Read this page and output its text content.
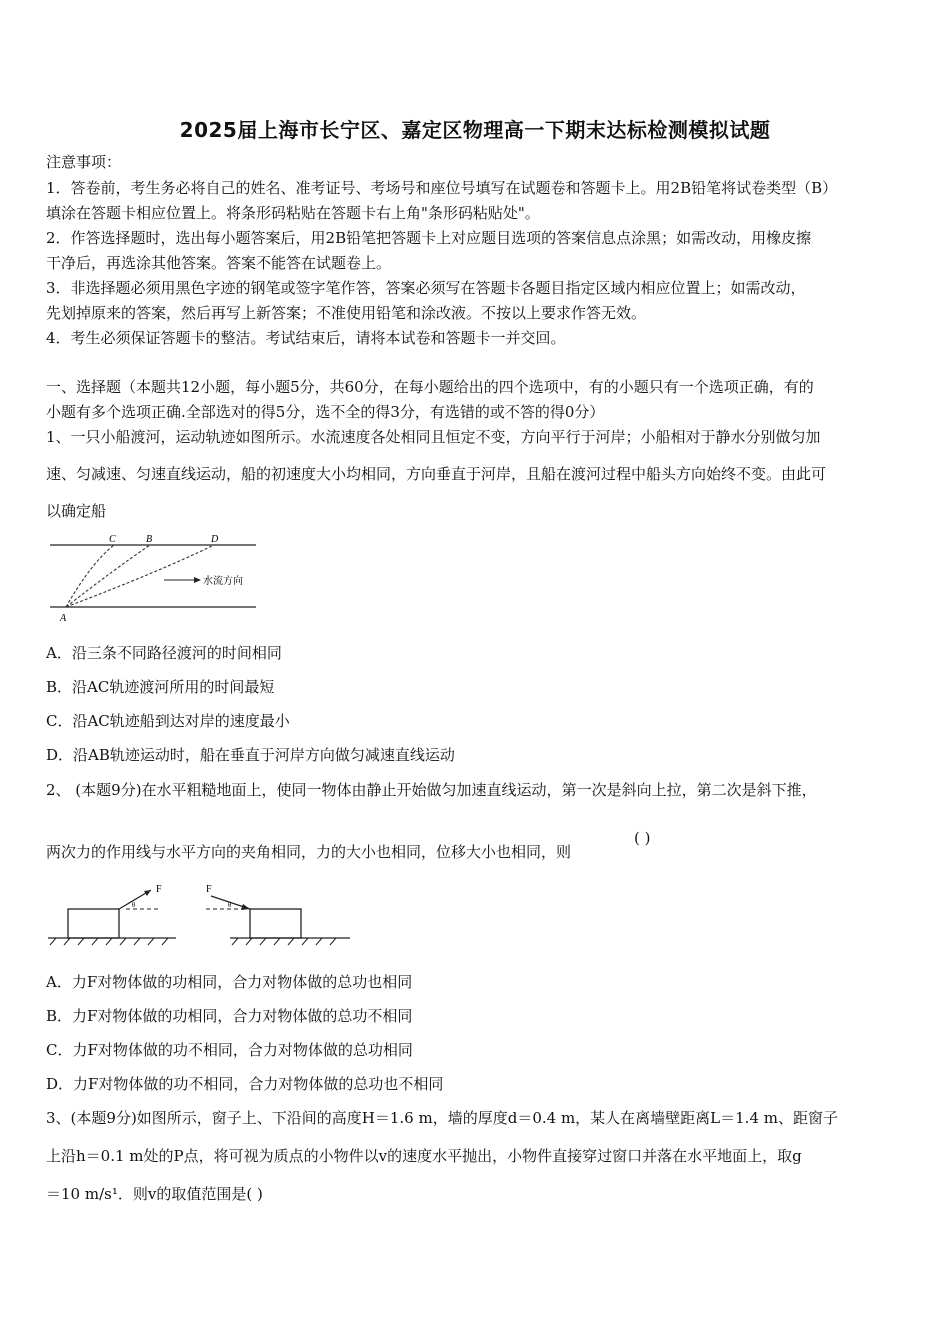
2025届上海市长宁区、嘉定区物理高一下期末达标检测模拟试题
注意事项：
1．答卷前，考生务必将自己的姓名、准考证号、考场号和座位号填写在试题卷和答题卡上。用2B铅笔将试卷类型（B）
填涂在答题卡相应位置上。将条形码粘贴在答题卡右上角"条形码粘贴处"。
2．作答选择题时，选出每小题答案后，用2B铅笔把答题卡上对应题目选项的答案信息点涂黑；如需改动，用橡皮擦
干净后，再选涂其他答案。答案不能答在试题卷上。
3．非选择题必须用黑色字迹的钢笔或签字笔作答，答案必须写在答题卡各题目指定区域内相应位置上；如需改动，
先划掉原来的答案，然后再写上新答案；不准使用铅笔和涂改液。不按以上要求作答无效。
4．考生必须保证答题卡的整洁。考试结束后，请将本试卷和答题卡一并交回。
一、选择题（本题共12小题，每小题5分，共60分，在每小题给出的四个选项中，有的小题只有一个选项正确，有的
小题有多个选项正确.全部选对的得5分，选不全的得3分，有选错的或不答的得0分）
1、一只小船渡河，运动轨迹如图所示。水流速度各处相同且恒定不变，方向平行于河岸；小船相对于静水分别做匀加
速、匀减速、匀速直线运动，船的初速度大小均相同，方向垂直于河岸，且船在渡河过程中船头方向始终不变。由此可
以确定船
C	B	D
A
水流方向
A．沿三条不同路径渡河的时间相同
B．沿AC轨迹渡河所用的时间最短
C．沿AC轨迹船到达对岸的速度最小
D．沿AB轨迹运动时，船在垂直于河岸方向做匀减速直线运动
2、 (本题9分)在水平粗糙地面上，使同一物体由静止开始做匀加速直线运动，第一次是斜向上拉，第二次是斜下推，
两次力的作用线与水平方向的夹角相同，力的大小也相同，位移大小也相同，则
( )
F
θ
F
θ
A．力F对物体做的功相同，合力对物体做的总功也相同
B．力F对物体做的功相同，合力对物体做的总功不相同
C．力F对物体做的功不相同，合力对物体做的总功相同
D．力F对物体做的功不相同，合力对物体做的总功也不相同
3、(本题9分)如图所示，窗子上、下沿间的高度H＝1.6 m，墙的厚度d＝0.4 m，某人在离墙壁距离L＝1.4 m、距窗子
上沿h＝0.1 m处的P点，将可视为质点的小物件以v的速度水平抛出，小物件直接穿过窗口并落在水平地面上，取g
＝10 m/s¹．则v的取值范围是( )
